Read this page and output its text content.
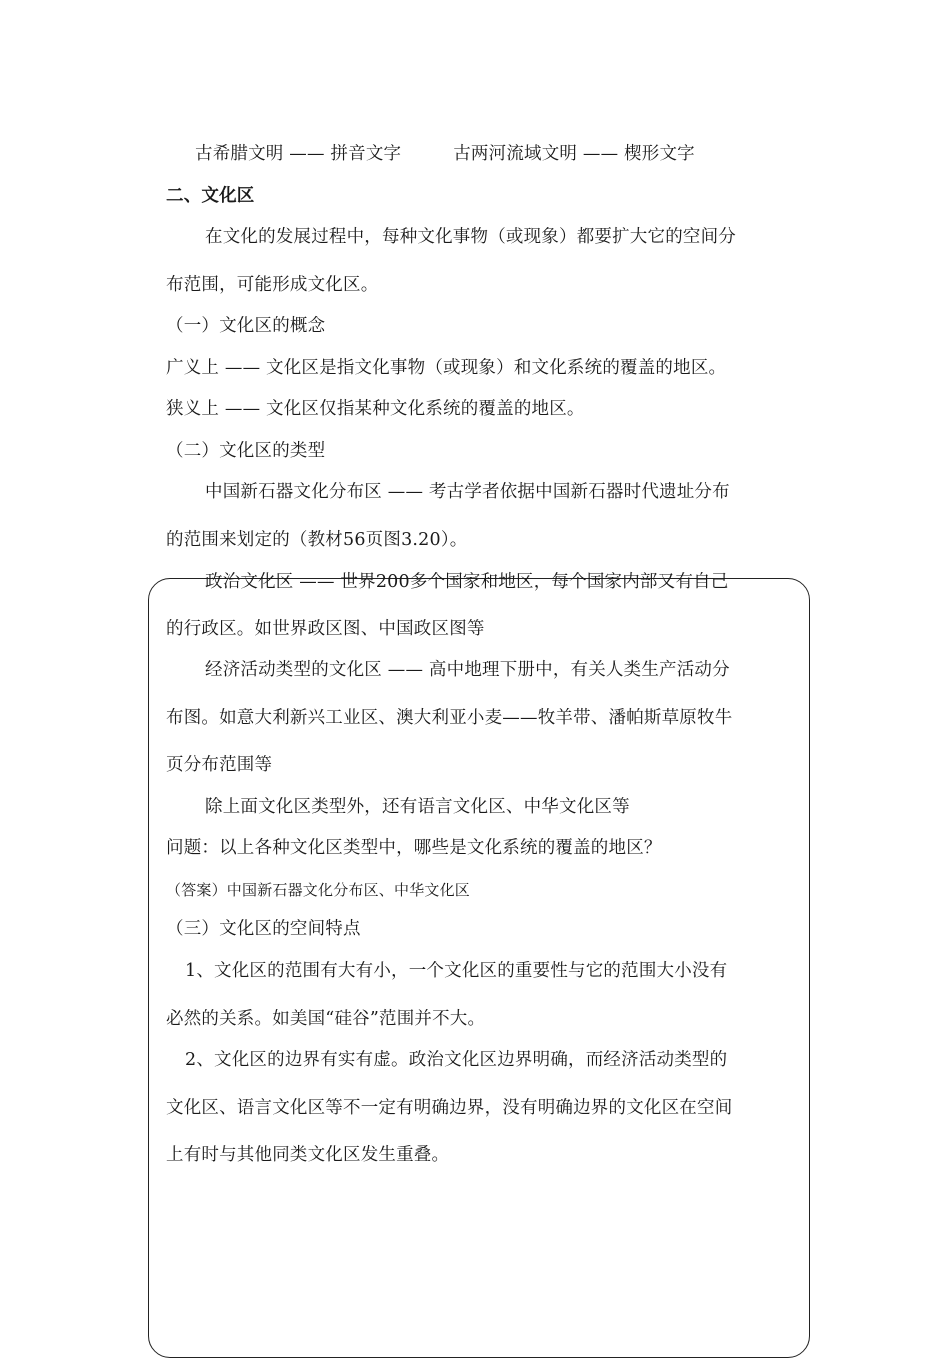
古希腊文明 —— 拼音文字	古两河流域文明 —— 楔形文字
二、文化区
在文化的发展过程中，每种文化事物（或现象）都要扩大它的空间分
布范围，可能形成文化区。
（一）文化区的概念
广义上 —— 文化区是指文化事物（或现象）和文化系统的覆盖的地区。
狭义上 —— 文化区仅指某种文化系统的覆盖的地区。
（二）文化区的类型
中国新石器文化分布区 —— 考古学者依据中国新石器时代遗址分布
的范围来划定的（教材56页图3.20）。
政治文化区 —— 世界200多个国家和地区，每个国家内部又有自己
的行政区。如世界政区图、中国政区图等
经济活动类型的文化区 —— 高中地理下册中，有关人类生产活动分
布图。如意大利新兴工业区、澳大利亚小麦——牧羊带、潘帕斯草原牧牛
页分布范围等
除上面文化区类型外，还有语言文化区、中华文化区等
问题：以上各种文化区类型中，哪些是文化系统的覆盖的地区？
（答案）中国新石器文化分布区、中华文化区
（三）文化区的空间特点
1、文化区的范围有大有小，一个文化区的重要性与它的范围大小没有
必然的关系。如美国“硅谷”范围并不大。
2、文化区的边界有实有虚。政治文化区边界明确，而经济活动类型的
文化区、语言文化区等不一定有明确边界，没有明确边界的文化区在空间
上有时与其他同类文化区发生重叠。
